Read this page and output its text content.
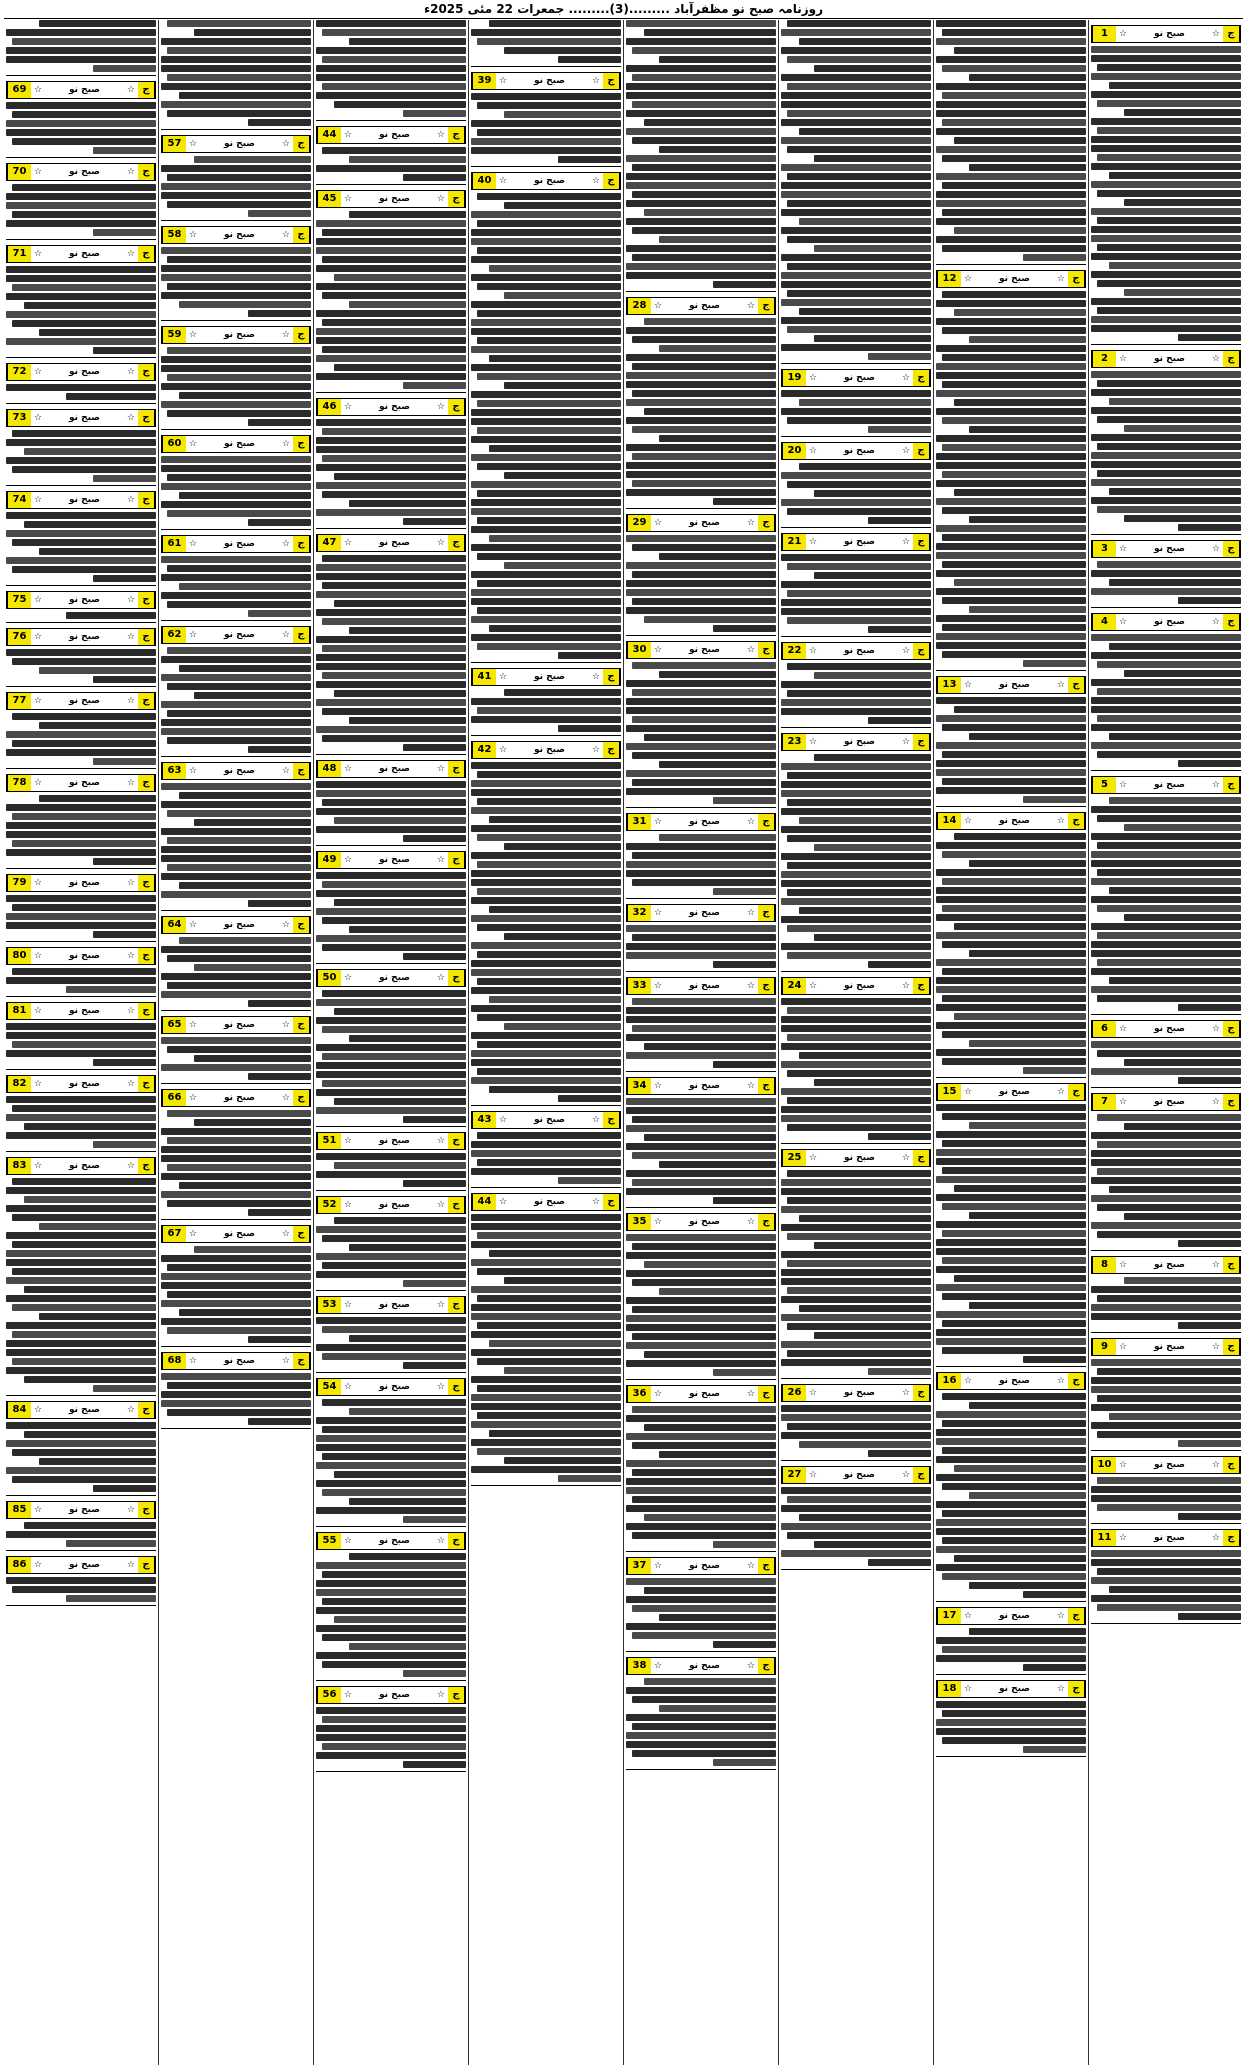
روزنامہ صبح نو مظفرآباد .........(3)......... جمعرات 22 مئی 2025ء
1	☆	صبح نو	☆ ج
2	☆	صبح نو	☆ ج
3	☆	صبح نو	☆ ج
4	☆	صبح نو	☆ ج
5	☆	صبح نو	☆ ج
6	☆	صبح نو	☆ ج
7	☆	صبح نو	☆ ج
8	☆	صبح نو	☆ ج
9	☆	صبح نو	☆ ج
10 ☆	صبح نو	☆ ج
11 ☆	صبح نو	☆ ج
12 ☆	صبح نو	☆ ج
13 ☆	صبح نو	☆ ج
14 ☆	صبح نو	☆ ج
15 ☆	صبح نو	☆ ج
16 ☆	صبح نو	☆ ج
17 ☆	صبح نو	☆ ج
18 ☆	صبح نو	☆ ج
19 ☆	صبح نو	☆ ج
20 ☆	صبح نو	☆ ج
21 ☆	صبح نو	☆ ج
22 ☆	صبح نو	☆ ج
23 ☆	صبح نو	☆ ج
24 ☆	صبح نو	☆ ج
25 ☆	صبح نو	☆ ج
26 ☆	صبح نو	☆ ج
27 ☆	صبح نو	☆ ج
28 ☆	صبح نو	☆ ج
29 ☆	صبح نو	☆ ج
30 ☆	صبح نو	☆ ج
31 ☆	صبح نو	☆ ج
32 ☆	صبح نو	☆ ج
33 ☆	صبح نو	☆ ج
34 ☆	صبح نو	☆ ج
35 ☆	صبح نو	☆ ج
36 ☆	صبح نو	☆ ج
37 ☆	صبح نو	☆ ج
38 ☆	صبح نو	☆ ج
39 ☆	صبح نو	☆ ج
40 ☆	صبح نو	☆ ج
41 ☆	صبح نو	☆ ج
42 ☆	صبح نو	☆ ج
43 ☆	صبح نو	☆ ج
44 ☆	صبح نو	☆ ج
44 ☆	صبح نو	☆ ج
45 ☆	صبح نو	☆ ج
46 ☆	صبح نو	☆ ج
47 ☆	صبح نو	☆ ج
48 ☆	صبح نو	☆ ج
49 ☆	صبح نو	☆ ج
50 ☆	صبح نو	☆ ج
51 ☆	صبح نو	☆ ج
52 ☆	صبح نو	☆ ج
53 ☆	صبح نو	☆ ج
54 ☆	صبح نو	☆ ج
55 ☆	صبح نو	☆ ج
56 ☆	صبح نو	☆ ج
57 ☆	صبح نو	☆ ج
58 ☆	صبح نو	☆ ج
59 ☆	صبح نو	☆ ج
60 ☆	صبح نو	☆ ج
61 ☆	صبح نو	☆ ج
62 ☆	صبح نو	☆ ج
63 ☆	صبح نو	☆ ج
64 ☆	صبح نو	☆ ج
65 ☆	صبح نو	☆ ج
66 ☆	صبح نو	☆ ج
67 ☆	صبح نو	☆ ج
68 ☆	صبح نو	☆ ج
69 ☆	صبح نو	☆ ج
70 ☆	صبح نو	☆ ج
71 ☆	صبح نو	☆ ج
72 ☆	صبح نو	☆ ج
73 ☆	صبح نو	☆ ج
74 ☆	صبح نو	☆ ج
75 ☆	صبح نو	☆ ج
76 ☆	صبح نو	☆ ج
77 ☆	صبح نو	☆ ج
78 ☆	صبح نو	☆ ج
79 ☆	صبح نو	☆ ج
80 ☆	صبح نو	☆ ج
81 ☆	صبح نو	☆ ج
82 ☆	صبح نو	☆ ج
83 ☆	صبح نو	☆ ج
84 ☆	صبح نو	☆ ج
85 ☆	صبح نو	☆ ج
86 ☆	صبح نو	☆ ج
